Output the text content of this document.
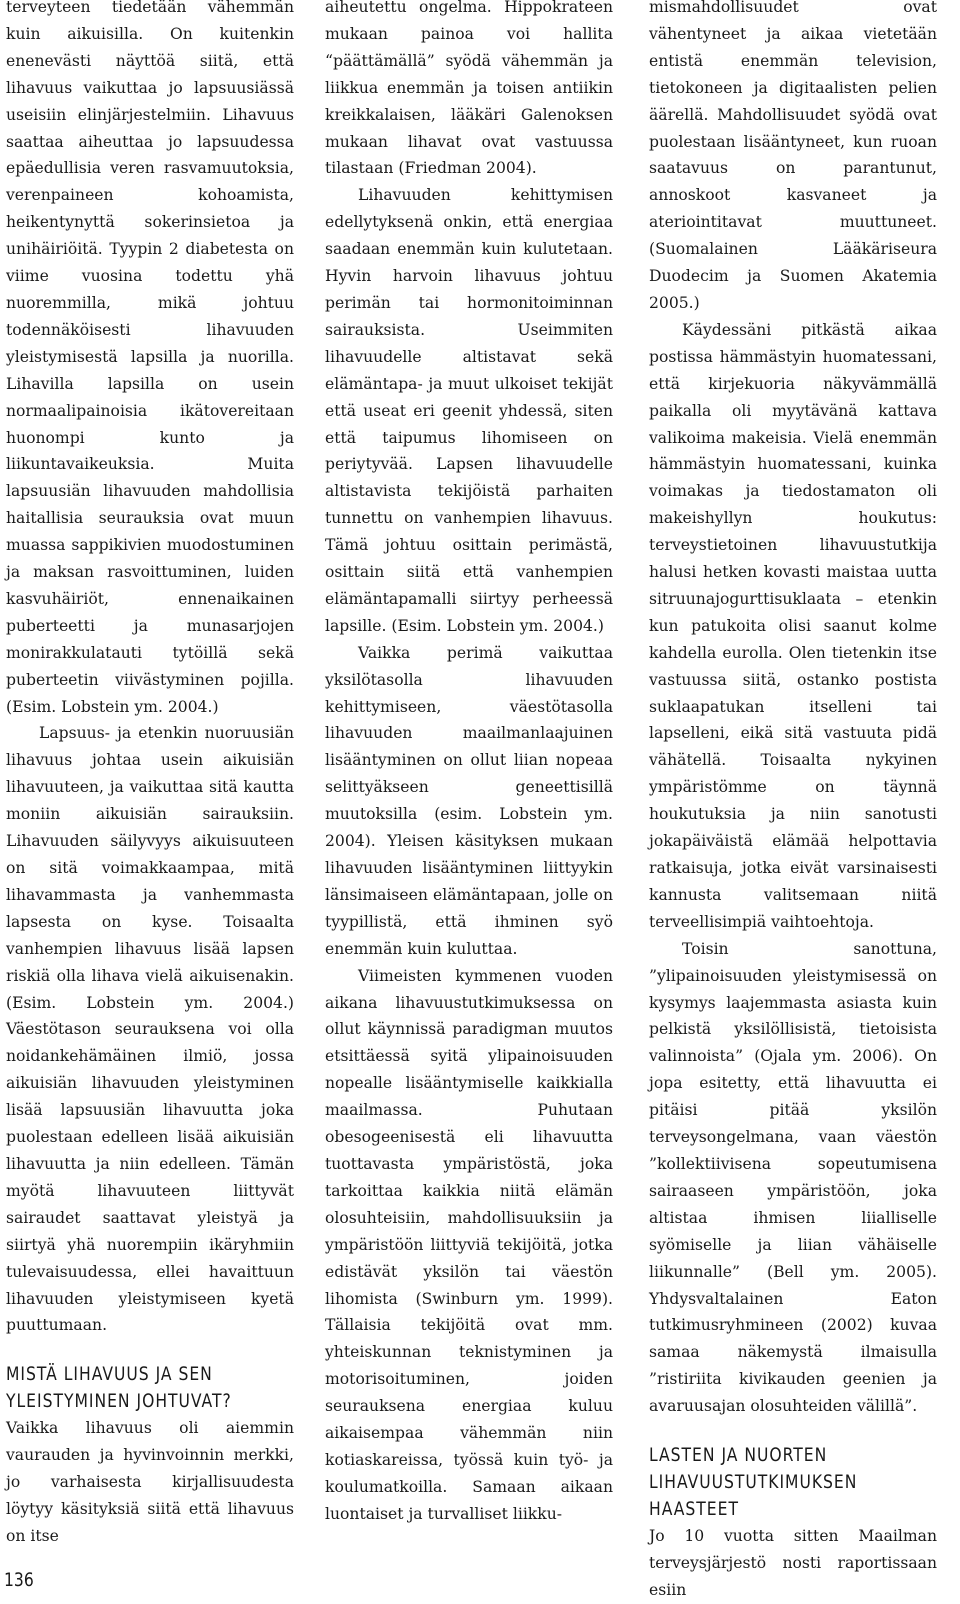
terveyteen tiedetään vähemmän kuin aikuisilla. On kuitenkin enenevästi näyttöä siitä, että lihavuus vaikuttaa jo lapsuusiässä useisiin elinjärjestelmiin. Lihavuus saattaa aiheuttaa jo lapsuudessa epäedullisia veren rasvamuutoksia, verenpaineen kohoamista, heikentynyttä sokerinsietoa ja unihäiriöitä. Tyypin 2 diabetesta on viime vuosina todettu yhä nuoremmilla, mikä johtuu todennäköisesti lihavuuden yleistymisestä lapsilla ja nuorilla. Lihavilla lapsilla on usein normaalipainoisia ikätovereitaan huonompi kunto ja liikuntavaikeuksia. Muita lapsuusiän lihavuuden mahdollisia haitallisia seurauksia ovat muun muassa sappikivien muodostuminen ja maksan rasvoittuminen, luiden kasvuhäiriöt, ennenaikainen puberteetti ja munasarjojen monirakkulatauti tytöillä sekä puberteetin viivästyminen pojilla. (Esim. Lobstein ym. 2004.)

Lapsuus- ja etenkin nuoruusiän lihavuus johtaa usein aikuisiän lihavuuteen, ja vaikuttaa sitä kautta moniin aikuisiän sairauksiin. Lihavuuden säilyvyys aikuisuuteen on sitä voimakkaampaa, mitä lihavammasta ja vanhemmasta lapsesta on kyse. Toisaalta vanhempien lihavuus lisää lapsen riskiä olla lihava vielä aikuisenakin. (Esim. Lobstein ym. 2004.) Väestötason seurauksena voi olla noidankehämäinen ilmiö, jossa aikuisiän lihavuuden yleistyminen lisää lapsuusiän lihavuutta joka puolestaan edelleen lisää aikuisiän lihavuutta ja niin edelleen. Tämän myötä lihavuuteen liittyvät sairaudet saattavat yleistyä ja siirtyä yhä nuorempiin ikäryhmiin tulevaisuudessa, ellei havaittuun lihavuuden yleistymiseen kyetä puuttumaan.

MISTÄ LIHAVUUS JA SEN YLEISTYMINEN JOHTUVAT?

Vaikka lihavuus oli aiemmin vaurauden ja hyvinvoinnin merkki, jo varhaisesta kirjallisuudesta löytyy käsityksiä siitä että lihavuus on itse

aiheutettu ongelma. Hippokrateen mukaan painoa voi hallita “päättämällä” syödä vähemmän ja liikkua enemmän ja toisen antiikin kreikkalaisen, lääkäri Galenoksen mukaan lihavat ovat vastuussa tilastaan (Friedman 2004).

Lihavuuden kehittymisen edellytyksenä onkin, että energiaa saadaan enemmän kuin kulutetaan. Hyvin harvoin lihavuus johtuu perimän tai hormonitoiminnan sairauksista. Useimmiten lihavuudelle altistavat sekä elämäntapa- ja muut ulkoiset tekijät että useat eri geenit yhdessä, siten että taipumus lihomiseen on periytyvää. Lapsen lihavuudelle altistavista tekijöistä parhaiten tunnettu on vanhempien lihavuus. Tämä johtuu osittain perimästä, osittain siitä että vanhempien elämäntapamalli siirtyy perheessä lapsille. (Esim. Lobstein ym. 2004.)

Vaikka perimä vaikuttaa yksilötasolla lihavuuden kehittymiseen, väestötasolla lihavuuden maailmanlaajuinen lisääntyminen on ollut liian nopeaa selittyäkseen geneettisillä muutoksilla (esim. Lobstein ym. 2004). Yleisen käsityksen mukaan lihavuuden lisääntyminen liittyykin länsimaiseen elämäntapaan, jolle on tyypillistä, että ihminen syö enemmän kuin kuluttaa.

Viimeisten kymmenen vuoden aikana lihavuustutkimuksessa on ollut käynnissä paradigman muutos etsittäessä syitä ylipainoisuuden nopealle lisääntymiselle kaikkialla maailmassa. Puhutaan obesogeenisestä eli lihavuutta tuottavasta ympäristöstä, joka tarkoittaa kaikkia niitä elämän olosuhteisiin, mahdollisuuksiin ja ympäristöön liittyviä tekijöitä, jotka edistävät yksilön tai väestön lihomista (Swinburn ym. 1999). Tällaisia tekijöitä ovat mm. yhteiskunnan teknistyminen ja motorisoituminen, joiden seurauksena energiaa kuluu aikaisempaa vähemmän niin kotiaskareissa, työssä kuin työ- ja koulumatkoilla. Samaan aikaan luontaiset ja turvalliset liikku-

mismahdollisuudet ovat vähentyneet ja aikaa vietetään entistä enemmän television, tietokoneen ja digitaalisten pelien äärellä. Mahdollisuudet syödä ovat puolestaan lisääntyneet, kun ruoan saatavuus on parantunut, annoskoot kasvaneet ja ateriointitavat muuttuneet. (Suomalainen Lääkäriseura Duodecim ja Suomen Akatemia 2005.)

Käydessäni pitkästä aikaa postissa hämmästyin huomatessani, että kirjekuoria näkyvämmällä paikalla oli myytävänä kattava valikoima makeisia. Vielä enemmän hämmästyin huomatessani, kuinka voimakas ja tiedostamaton oli makeishyllyn houkutus: terveystietoinen lihavuustutkija halusi hetken kovasti maistaa uutta sitruunajogurttisuklaata – etenkin kun patukoita olisi saanut kolme kahdella eurolla. Olen tietenkin itse vastuussa siitä, ostanko postista suklaapatukan itselleni tai lapselleni, eikä sitä vastuuta pidä vähätellä. Toisaalta nykyinen ympäristömme on täynnä houkutuksia ja niin sanotusti jokapäiväistä elämää helpottavia ratkaisuja, jotka eivät varsinaisesti kannusta valitsemaan niitä terveellisimpiä vaihtoehtoja.

Toisin sanottuna, ”ylipainoisuuden yleistymisessä on kysymys laajemmasta asiasta kuin pelkistä yksilöllisistä, tietoisista valinnoista” (Ojala ym. 2006). On jopa esitetty, että lihavuutta ei pitäisi pitää yksilön terveysongelmana, vaan väestön ”kollektiivisena sopeutumisena sairaaseen ympäristöön, joka altistaa ihmisen liialliselle syömiselle ja liian vähäiselle liikunnalle” (Bell ym. 2005). Yhdysvaltalainen Eaton tutkimusryhmineen (2002) kuvaa samaa näkemystä ilmaisulla ”ristiriita kivikauden geenien ja avaruusajan olosuhteiden välillä”.

LASTEN JA NUORTEN LIHAVUUSTUTKIMUKSEN HAASTEET

Jo 10 vuotta sitten Maailman terveysjärjestö nosti raportissaan esiin

136
